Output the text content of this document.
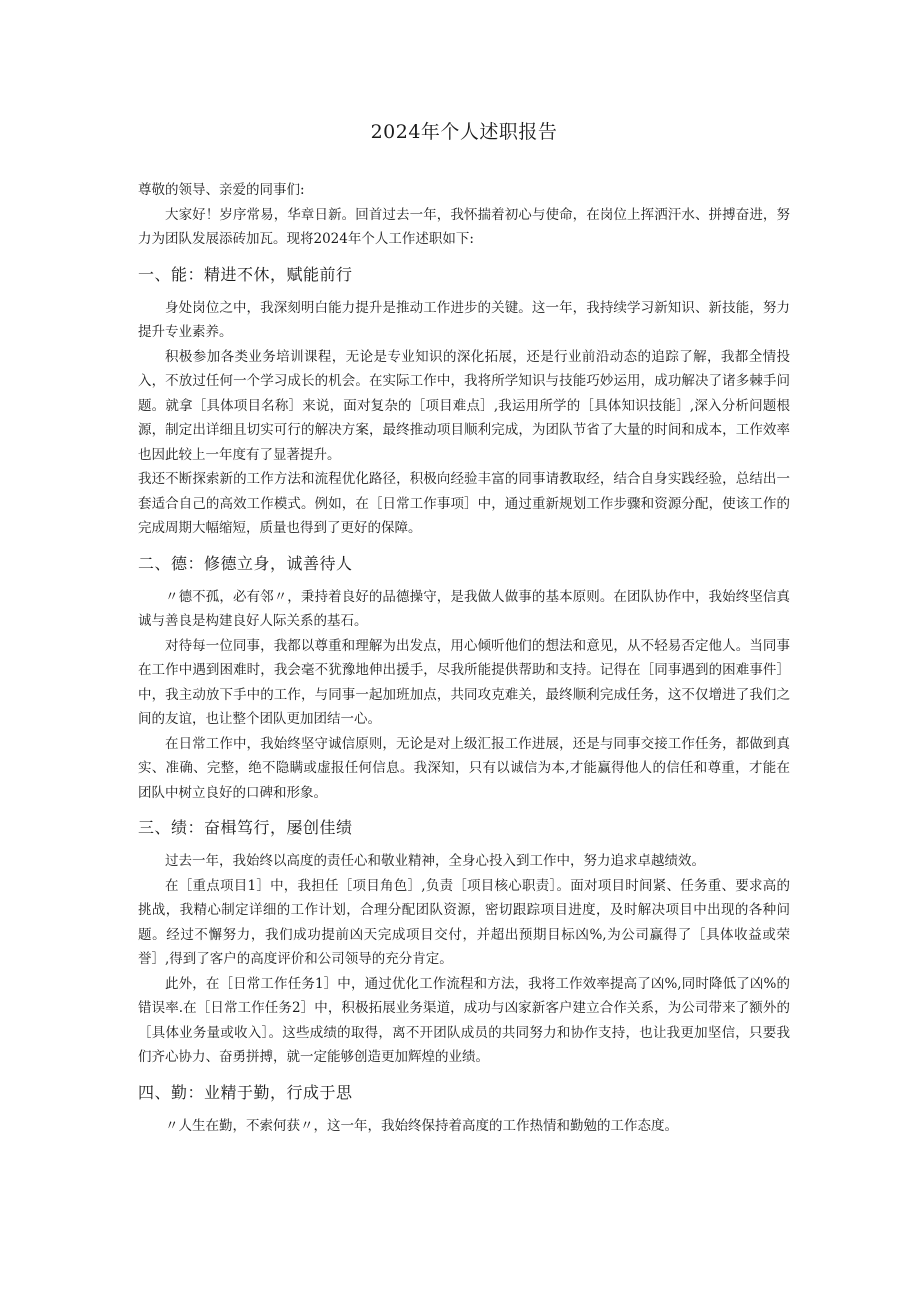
2024年个人述职报告

尊敬的领导、亲爱的同事们:

大家好！岁序常易，华章日新。回首过去一年，我怀揣着初心与使命，在岗位上挥洒汗水、拼搏奋进，努力为团队发展添砖加瓦。现将2024年个人工作述职如下:

一、能：精进不休，赋能前行

身处岗位之中，我深刻明白能力提升是推动工作进步的关键。这一年，我持续学习新知识、新技能，努力提升专业素养。

积极参加各类业务培训课程，无论是专业知识的深化拓展，还是行业前沿动态的追踪了解，我都全情投入，不放过任何一个学习成长的机会。在实际工作中，我将所学知识与技能巧妙运用，成功解决了诸多棘手问题。就拿［具体项目名称］来说，面对复杂的［项目难点］,我运用所学的［具体知识技能］,深入分析问题根源，制定出详细且切实可行的解决方案，最终推动项目顺利完成，为团队节省了大量的时间和成本，工作效率也因此较上一年度有了显著提升。

我还不断探索新的工作方法和流程优化路径，积极向经验丰富的同事请教取经，结合自身实践经验，总结出一套适合自己的高效工作模式。例如，在［日常工作事项］中，通过重新规划工作步骤和资源分配，使该工作的完成周期大幅缩短，质量也得到了更好的保障。

二、德：修德立身，诚善待人

〃德不孤，必有邻〃，秉持着良好的品德操守，是我做人做事的基本原则。在团队协作中，我始终坚信真诚与善良是构建良好人际关系的基石。

对待每一位同事，我都以尊重和理解为出发点，用心倾听他们的想法和意见，从不轻易否定他人。当同事在工作中遇到困难时，我会毫不犹豫地伸出援手，尽我所能提供帮助和支持。记得在［同事遇到的困难事件］中，我主动放下手中的工作，与同事一起加班加点，共同攻克难关，最终顺利完成任务，这不仅增进了我们之间的友谊，也让整个团队更加团结一心。

在日常工作中，我始终坚守诚信原则，无论是对上级汇报工作进展，还是与同事交接工作任务，都做到真实、准确、完整，绝不隐瞒或虚报任何信息。我深知，只有以诚信为本,才能赢得他人的信任和尊重，才能在团队中树立良好的口碑和形象。

三、绩：奋楫笃行，屡创佳绩

过去一年，我始终以高度的责任心和敬业精神，全身心投入到工作中，努力追求卓越绩效。

在［重点项目1］中，我担任［项目角色］,负责［项目核心职责］。面对项目时间紧、任务重、要求高的挑战，我精心制定详细的工作计划，合理分配团队资源，密切跟踪项目进度，及时解决项目中出现的各种问题。经过不懈努力，我们成功提前凶天完成项目交付，并超出预期目标凶%,为公司赢得了［具体收益或荣誉］,得到了客户的高度评价和公司领导的充分肯定。

此外，在［日常工作任务1］中，通过优化工作流程和方法，我将工作效率提高了凶%,同时降低了凶%的错误率.在［日常工作任务2］中，积极拓展业务渠道，成功与凶家新客户建立合作关系，为公司带来了额外的［具体业务量或收入］。这些成绩的取得，离不开团队成员的共同努力和协作支持，也让我更加坚信，只要我们齐心协力、奋勇拼搏，就一定能够创造更加辉煌的业绩。

四、勤：业精于勤，行成于思

〃人生在勤，不索何获〃，这一年，我始终保持着高度的工作热情和勤勉的工作态度。
